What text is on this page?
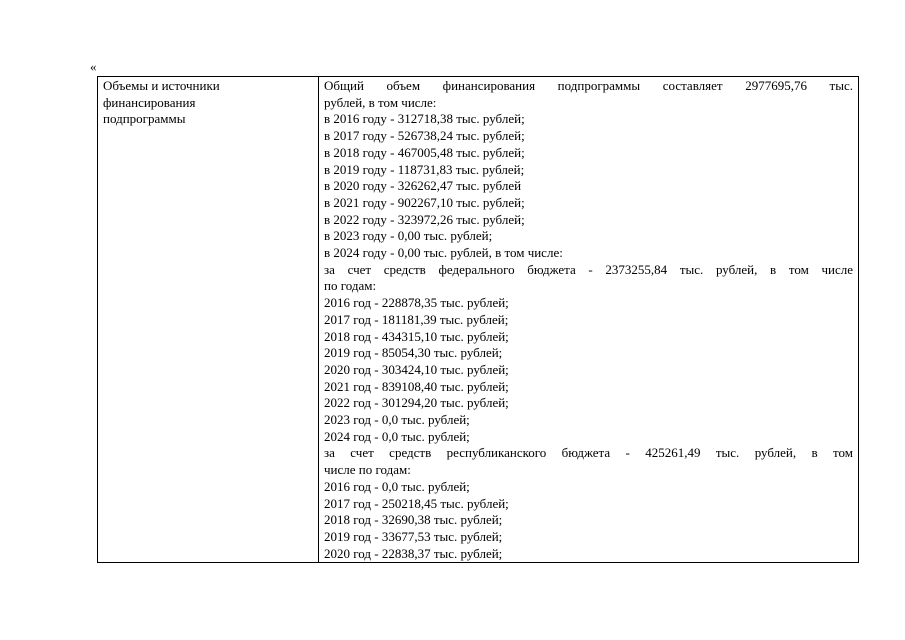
«
Объемы и источники
финансирования
подпрограммы

Общий объем финансирования подпрограммы составляет 2977695,76 тыс.
рублей, в том числе:
в 2016 году - 312718,38 тыс. рублей;
в 2017 году - 526738,24 тыс. рублей;
в 2018 году - 467005,48 тыс. рублей;
в 2019 году - 118731,83 тыс. рублей;
в 2020 году - 326262,47 тыс. рублей
в 2021 году - 902267,10 тыс. рублей;
в 2022 году - 323972,26 тыс. рублей;
в 2023 году - 0,00 тыс. рублей;
в 2024 году - 0,00 тыс. рублей, в том числе:
за счет средств федерального бюджета - 2373255,84 тыс. рублей, в том числе
по годам:
2016 год - 228878,35 тыс. рублей;
2017 год - 181181,39 тыс. рублей;
2018 год - 434315,10 тыс. рублей;
2019 год - 85054,30 тыс. рублей;
2020 год - 303424,10 тыс. рублей;
2021 год - 839108,40 тыс. рублей;
2022 год - 301294,20 тыс. рублей;
2023 год - 0,0 тыс. рублей;
2024 год - 0,0 тыс. рублей;
за счет средств республиканского бюджета - 425261,49 тыс. рублей, в том
числе по годам:
2016 год - 0,0 тыс. рублей;
2017 год - 250218,45 тыс. рублей;
2018 год - 32690,38 тыс. рублей;
2019 год - 33677,53 тыс. рублей;
2020 год - 22838,37 тыс. рублей;
